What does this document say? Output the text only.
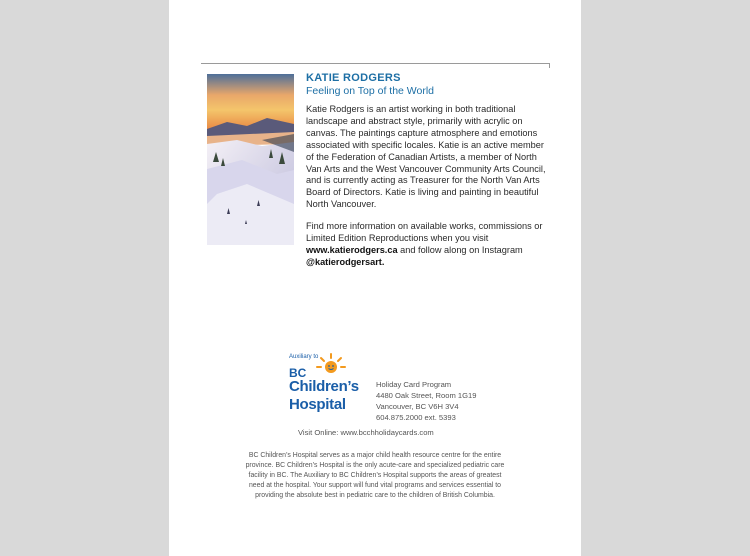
KATIE RODGERS
Feeling on Top of the World

Katie Rodgers is an artist working in both traditional landscape and abstract style, primarily with acrylic on canvas. The paintings capture atmosphere and emotions associated with specific locales. Katie is an active member of the Federation of Canadian Artists, a member of North Van Arts and the West Vancouver Community Arts Council, and is currently acting as Treasurer for the North Van Arts Board of Directors. Katie is living and painting in beautiful North Vancouver.

Find more information on available works, commissions or Limited Edition Reproductions when you visit www.katierodgers.ca and follow along on Instagram @katierodgersart.

Auxiliary to
BC
Children’s
Hospital
Holiday Card Program
4480 Oak Street, Room 1G19
Vancouver, BC V6H 3V4
604.875.2000 ext. 5393
Visit Online: www.bcchholidaycards.com

BC Children’s Hospital serves as a major child health resource centre for the entire province. BC Children’s Hospital is the only acute-care and specialized pediatric care facility in BC. The Auxiliary to BC Children’s Hospital supports the areas of greatest need at the hospital. Your support will fund vital programs and services essential to providing the absolute best in pediatric care to the children of British Columbia.
